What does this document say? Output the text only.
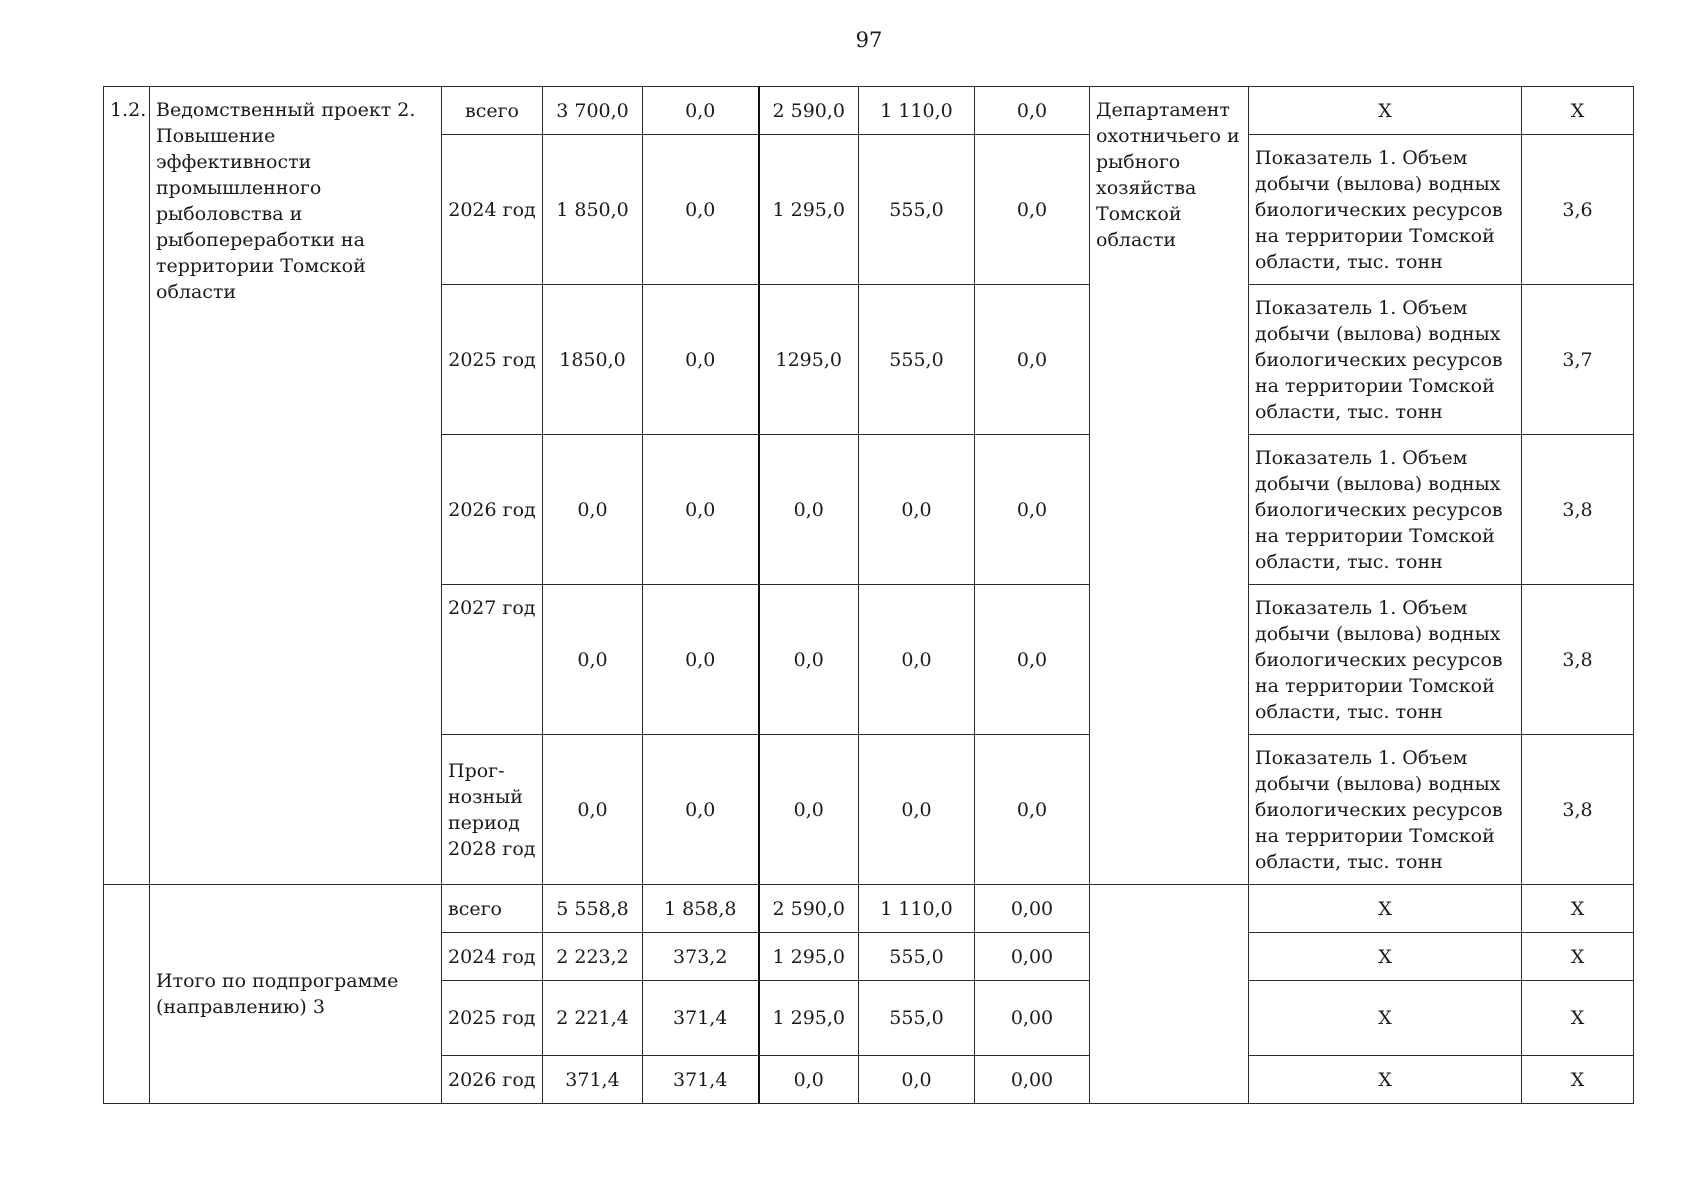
97
1.2.	Ведомственный проект 2. Повышение эффективности промышленного рыболовства и рыбопереработки на территории Томской области	всего	3 700,0	0,0	2 590,0	1 110,0	0,0	Департамент охотничьего и рыбного хозяйства Томской области	Х	Х
		2024 год	1 850,0	0,0	1 295,0	555,0	0,0		Показатель 1. Объем добычи (вылова) водных биологических ресурсов на территории Томской области, тыс. тонн	3,6
		2025 год	1850,0	0,0	1295,0	555,0	0,0		Показатель 1. Объем добычи (вылова) водных биологических ресурсов на территории Томской области, тыс. тонн	3,7
		2026 год	0,0	0,0	0,0	0,0	0,0		Показатель 1. Объем добычи (вылова) водных биологических ресурсов на территории Томской области, тыс. тонн	3,8
		2027 год	0,0	0,0	0,0	0,0	0,0		Показатель 1. Объем добычи (вылова) водных биологических ресурсов на территории Томской области, тыс. тонн	3,8
		Прог-нозный период 2028 год	0,0	0,0	0,0	0,0	0,0		Показатель 1. Объем добычи (вылова) водных биологических ресурсов на территории Томской области, тыс. тонн	3,8
	Итого по подпрограмме (направлению) 3	всего	5 558,8	1 858,8	2 590,0	1 110,0	0,00		Х	Х
		2024 год	2 223,2	373,2	1 295,0	555,0	0,00		Х	Х
		2025 год	2 221,4	371,4	1 295,0	555,0	0,00		Х	Х
		2026 год	371,4	371,4	0,0	0,0	0,00		Х	Х
